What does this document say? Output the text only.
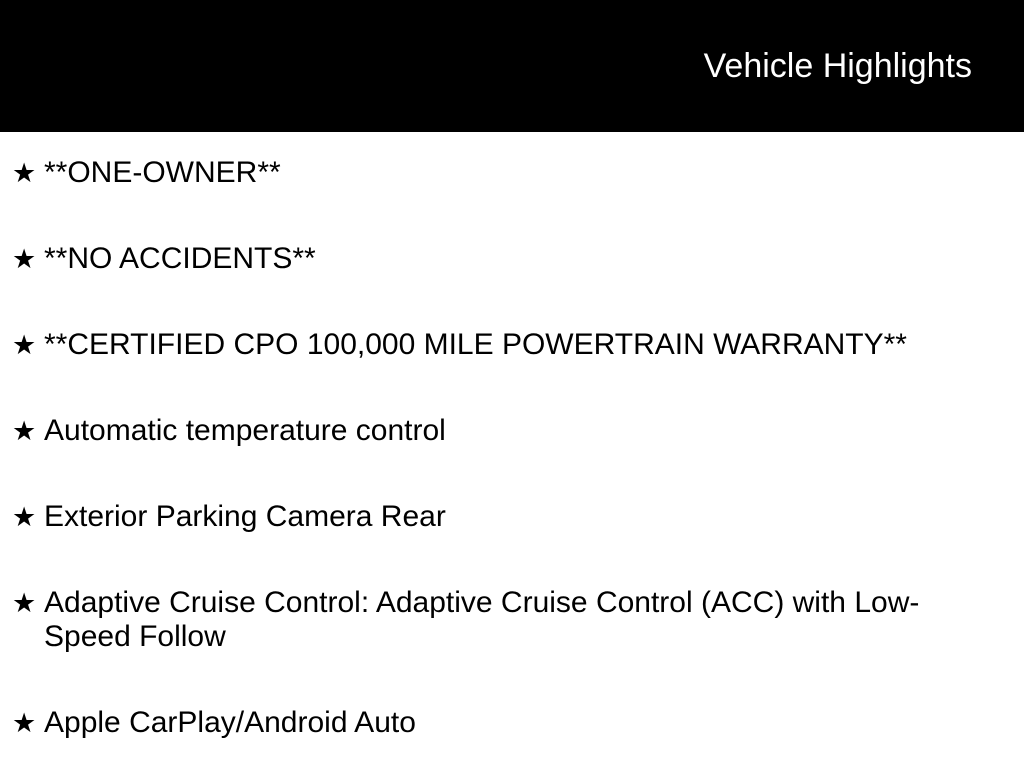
Vehicle Highlights
★ **ONE-OWNER**
★ **NO ACCIDENTS**
★ **CERTIFIED CPO 100,000 MILE POWERTRAIN WARRANTY**
★ Automatic temperature control
★ Exterior Parking Camera Rear
★ Adaptive Cruise Control: Adaptive Cruise Control (ACC) with Low-Speed Follow
★ Apple CarPlay/Android Auto
